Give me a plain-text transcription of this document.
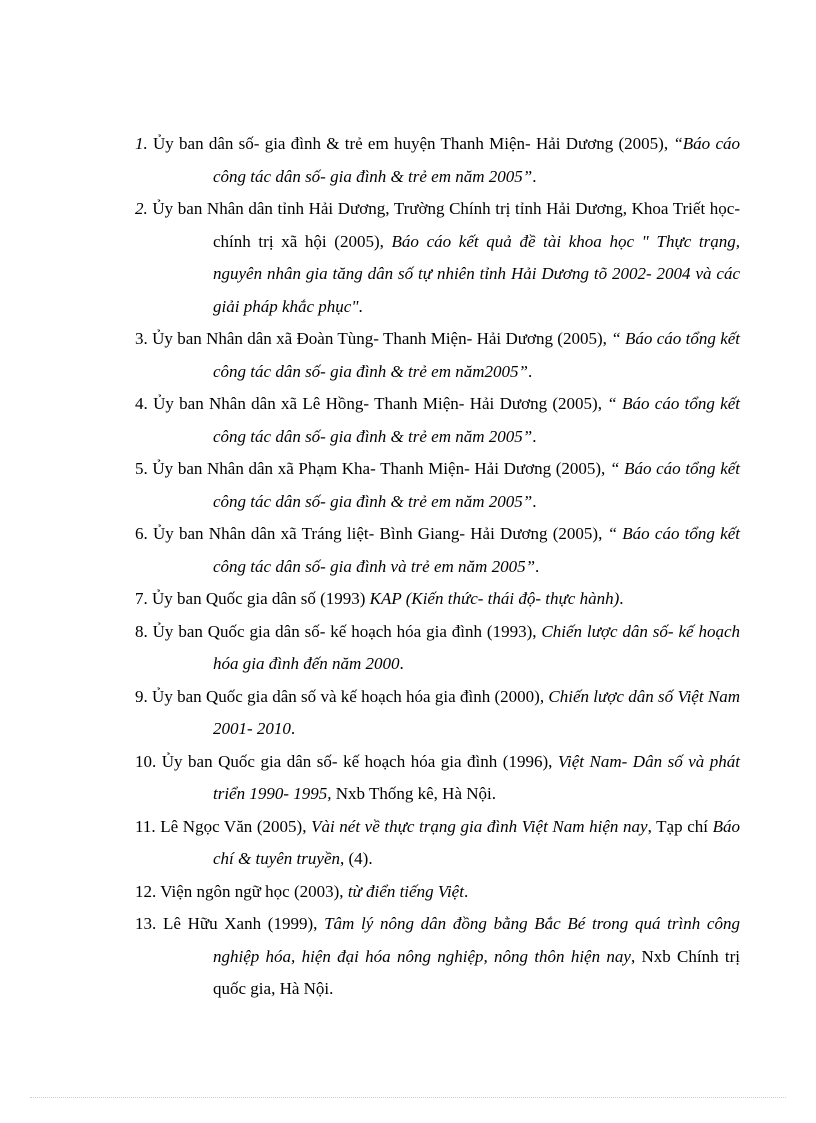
1. Ủy ban dân số- gia đình & trẻ em huyện Thanh Miện- Hải Dương (2005), “Báo cáo công tác dân số- gia đình & trẻ em năm 2005”.
2. Ủy ban Nhân dân tỉnh Hải Dương, Trường Chính trị tỉnh Hải Dương, Khoa Triết học- chính trị xã hội (2005), Báo cáo kết quả đề tài khoa học " Thực trạng, nguyên nhân gia tăng dân số tự nhiên tỉnh Hải Dương tõ 2002- 2004 và các giải pháp khắc phục".
3. Ủy ban Nhân dân xã Đoàn Tùng- Thanh Miện- Hải Dương (2005), “ Báo cáo tổng kết công tác dân số- gia đình & trẻ em năm2005”.
4. Ủy ban Nhân dân xã Lê Hồng- Thanh Miện- Hải Dương (2005), “ Báo cáo tổng kết công tác dân số- gia đình & trẻ em năm 2005”.
5. Ủy ban Nhân dân xã Phạm Kha- Thanh Miện- Hải Dương (2005), “ Báo cáo tổng kết công tác dân số- gia đình & trẻ em năm 2005”.
6. Ủy ban Nhân dân xã Tráng liệt- Bình Giang- Hải Dương (2005), “ Báo cáo tổng kết công tác dân số- gia đình và trẻ em năm 2005”.
7. Ủy ban Quốc gia dân số (1993) KAP (Kiến thức- thái độ- thực hành).
8. Ủy ban Quốc gia dân số- kế hoạch hóa gia đình (1993), Chiến lược dân số- kế hoạch hóa gia đình đến năm 2000.
9. Ủy ban Quốc gia dân số và kế hoạch hóa gia đình (2000), Chiến lược dân số Việt Nam 2001- 2010.
10. Ủy ban Quốc gia dân số- kế hoạch hóa gia đình (1996), Việt Nam- Dân số và phát triển 1990- 1995, Nxb Thống kê, Hà Nội.
11. Lê Ngọc Văn (2005), Vài nét về thực trạng gia đình Việt Nam hiện nay, Tạp chí Báo chí & tuyên truyền, (4).
12. Viện ngôn ngữ học (2003), từ điển tiếng Việt.
13. Lê Hữu Xanh (1999), Tâm lý nông dân đồng bằng Bắc Bé trong quá trình công nghiệp hóa, hiện đại hóa nông nghiệp, nông thôn hiện nay, Nxb Chính trị quốc gia, Hà Nội.
